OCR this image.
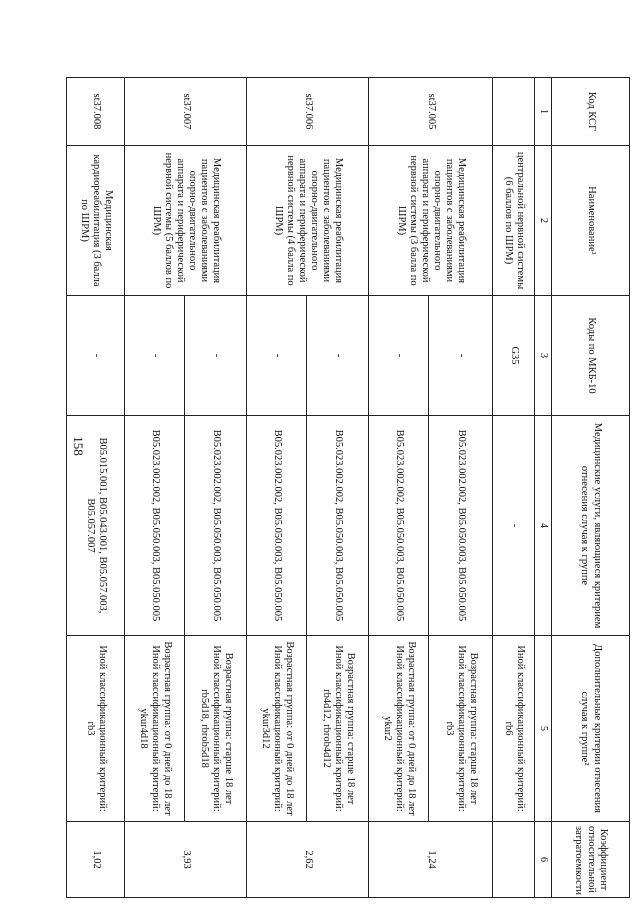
158
Код КСГ	Наименование¹	Коды по МКБ-10	Медицинские услуги, являющиеся критерием отнесения случая к группе	Дополнительные критерии отнесения случая к группе²	Коэффициент относительной затратоемкости
1	2	3	4	5	6
	центральной нервной системы (6 баллов по ШРМ)	G35	-	Иной классификационный критерий: rb6	
st37.005	Медицинская реабилитация пациентов с заболеваниями опорно-двигательного аппарата и периферической нервной системы (3 балла по ШРМ)	-	B05.023.002.002, B05.050.003, B05.050.005	Возрастная группа: старше 18 лет
Иной классификационный критерий: rb3	1,24
		-	B05.023.002.002, B05.050.003, B05.050.005	Возрастная группа: от 0 дней до 18 лет
Иной классификационный критерий: ykur2	
st37.006	Медицинская реабилитация пациентов с заболеваниями опорно-двигательного аппарата и периферической нервной системы (4 балла по ШРМ)	-	B05.023.002.002, B05.050.003, B05.050.005	Возрастная группа: старше 18 лет
Иной классификационный критерий: rb4d12, rbrob4d12	2,62
		-	B05.023.002.002, B05.050.003, B05.050.005	Возрастная группа: от 0 дней до 18 лет
Иной классификационный критерий: ykur3d12	
st37.007	Медицинская реабилитация пациентов с заболеваниями опорно-двигательного аппарата и периферической нервной системы (5 баллов по ШРМ)	-	B05.023.002.002, B05.050.003, B05.050.005	Возрастная группа: старше 18 лет
Иной классификационный критерий: rb5d18, rbrob5d18	3,93
		-	B05.023.002.002, B05.050.003, B05.050.005	Возрастная группа: от 0 дней до 18 лет
Иной классификационный критерий: ykur4d18	
st37.008	Медицинская кардиореабилитация (3 балла по ШРМ)	-	B05.015.001, B05.043.001, B05.057.003, B05.057.007	Иной классификационный критерий: rb3	1,02
